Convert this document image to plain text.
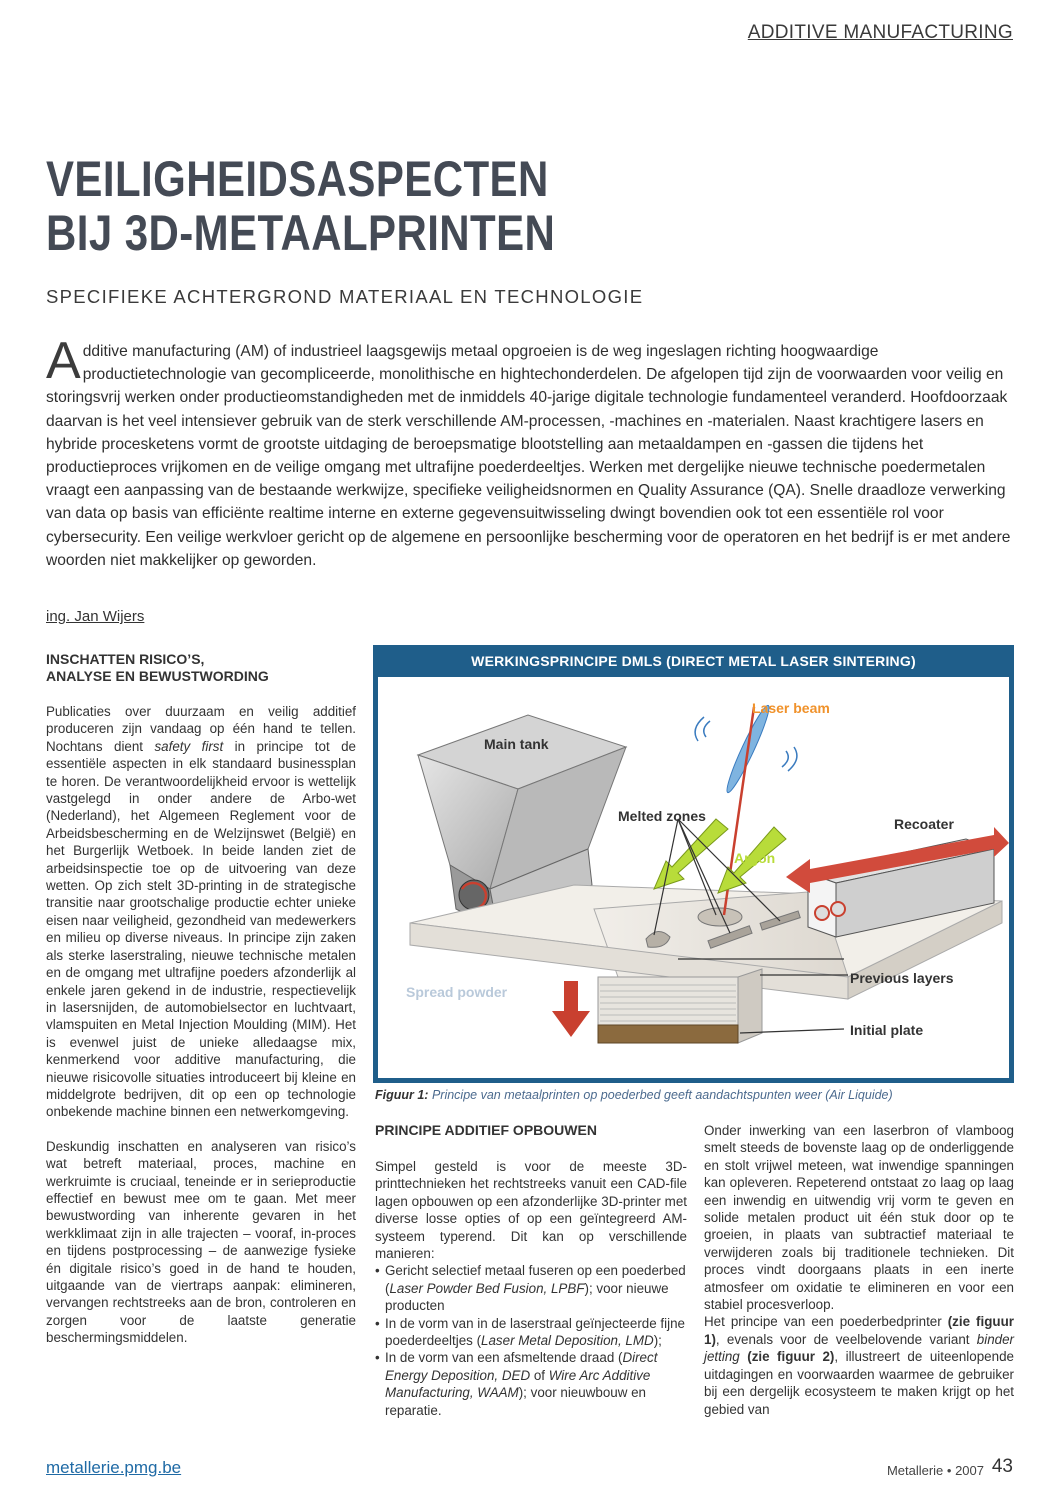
ADDITIVE MANUFACTURING
VEILIGHEIDSASPECTEN
BIJ 3D-METAALPRINTEN
SPECIFIEKE ACHTERGROND MATERIAAL EN TECHNOLOGIE
Additive manufacturing (AM) of industrieel laagsgewijs metaal opgroeien is de weg ingeslagen richting hoogwaardige productietechnologie van gecompliceerde, monolithische en hightechonderdelen. De afgelopen tijd zijn de voorwaarden voor veilig en storingsvrij werken onder productieomstandigheden met de inmiddels 40-jarige digitale technologie fundamenteel veranderd. Hoofdoorzaak daarvan is het veel intensiever gebruik van de sterk verschillende AM-processen, -machines en -materialen. Naast krachtigere lasers en hybride procesketens vormt de grootste uitdaging de beroepsmatige blootstelling aan metaaldampen en -gassen die tijdens het productieproces vrijkomen en de veilige omgang met ultrafijne poederdeeltjes. Werken met dergelijke nieuwe technische poedermetalen vraagt een aanpassing van de bestaande werkwijze, specifieke veiligheidsnormen en Quality Assurance (QA). Snelle draadloze verwerking van data op basis van efficiënte realtime interne en externe gegevensuitwisseling dwingt bovendien ook tot een essentiële rol voor cybersecurity. Een veilige werkvloer gericht op de algemene en persoonlijke bescherming voor de operatoren en het bedrijf is er met andere woorden niet makkelijker op geworden.
ing. Jan Wijers
INSCHATTEN RISICO’S,
ANALYSE EN BEWUSTWORDING

Publicaties over duurzaam en veilig additief produceren zijn vandaag op één hand te tellen. Nochtans dient safety first in principe tot de essentiële aspecten in elk standaard businessplan te horen. De verantwoordelijkheid ervoor is wettelijk vastgelegd in onder andere de Arbo-wet (Nederland), het Algemeen Reglement voor de Arbeidsbescherming en de Welzijnswet (België) en het Burgerlijk Wetboek. In beide landen ziet de arbeidsinspectie toe op de uitvoering van deze wetten. Op zich stelt 3D-printing in de strategische transitie naar grootschalige productie echter unieke eisen naar veiligheid, gezondheid van medewerkers en milieu op diverse niveaus. In principe zijn zaken als sterke laserstraling, nieuwe technische metalen en de omgang met ultrafijne poeders afzonderlijk al enkele jaren gekend in de industrie, respectievelijk in lasersnijden, de automobielsector en luchtvaart, vlamspuiten en Metal Injection Moulding (MIM). Het is evenwel juist de unieke alledaagse mix, kenmerkend voor additive manufacturing, die nieuwe risicovolle situaties introduceert bij kleine en middelgrote bedrijven, dit op een op technologie onbekende machine binnen een netwerkomgeving.

Deskundig inschatten en analyseren van risico’s wat betreft materiaal, proces, machine en werkruimte is cruciaal, teneinde er in serieproductie effectief en bewust mee om te gaan. Met meer bewustwording van inherente gevaren in het werkklimaat zijn in alle trajecten – vooraf, in-proces en tijdens postprocessing – de aanwezige fysieke én digitale risico’s goed in de hand te houden, uitgaande van de viertraps aanpak: elimineren, vervangen rechtstreeks aan de bron, controleren en zorgen voor de laatste generatie beschermingsmiddelen.

WERKINGSPRINCIPE DMLS (DIRECT METAL LASER SINTERING)
Main tank
Laser beam
Melted zones	Recoater
Argon
Previous layers
Spread powder
Initial plate
Figuur 1: Principe van metaalprinten op poederbed geeft aandachtspunten weer (Air Liquide)
PRINCIPE ADDITIEF OPBOUWEN

Simpel gesteld is voor de meeste 3D-printtechnieken het rechtstreeks vanuit een CAD-file lagen opbouwen op een afzonderlijke 3D-printer met diverse losse opties of op een geïntegreerd AM-systeem typerend. Dit kan op verschillende manieren:

• Gericht selectief metaal fuseren op een poederbed (Laser Powder Bed Fusion, LPBF); voor nieuwe producten
• In de vorm van in de laserstraal geïnjecteerde fijne poederdeeltjes (Laser Metal Deposition, LMD);
• In de vorm van een afsmeltende draad (Direct Energy Deposition, DED of Wire Arc Additive Manufacturing, WAAM); voor nieuwbouw en reparatie.

Onder inwerking van een laserbron of vlamboog smelt steeds de bovenste laag op de onderliggende en stolt vrijwel meteen, wat inwendige spanningen kan opleveren. Repeterend ontstaat zo laag op laag een inwendig en uitwendig vrij vorm te geven en solide metalen product uit één stuk door op te groeien, in plaats van subtractief materiaal te verwijderen zoals bij traditionele technieken. Dit proces vindt doorgaans plaats in een inerte atmosfeer om oxidatie te elimineren en voor een stabiel procesverloop.

Het principe van een poederbedprinter (zie figuur 1), evenals voor de veelbelovende variant binder jetting (zie figuur 2), illustreert de uiteenlopende uitdagingen en voorwaarden waarmee de gebruiker bij een dergelijk ecosysteem te maken krijgt op het gebied van

metallerie.pmg.be	Metallerie • 2007 43
